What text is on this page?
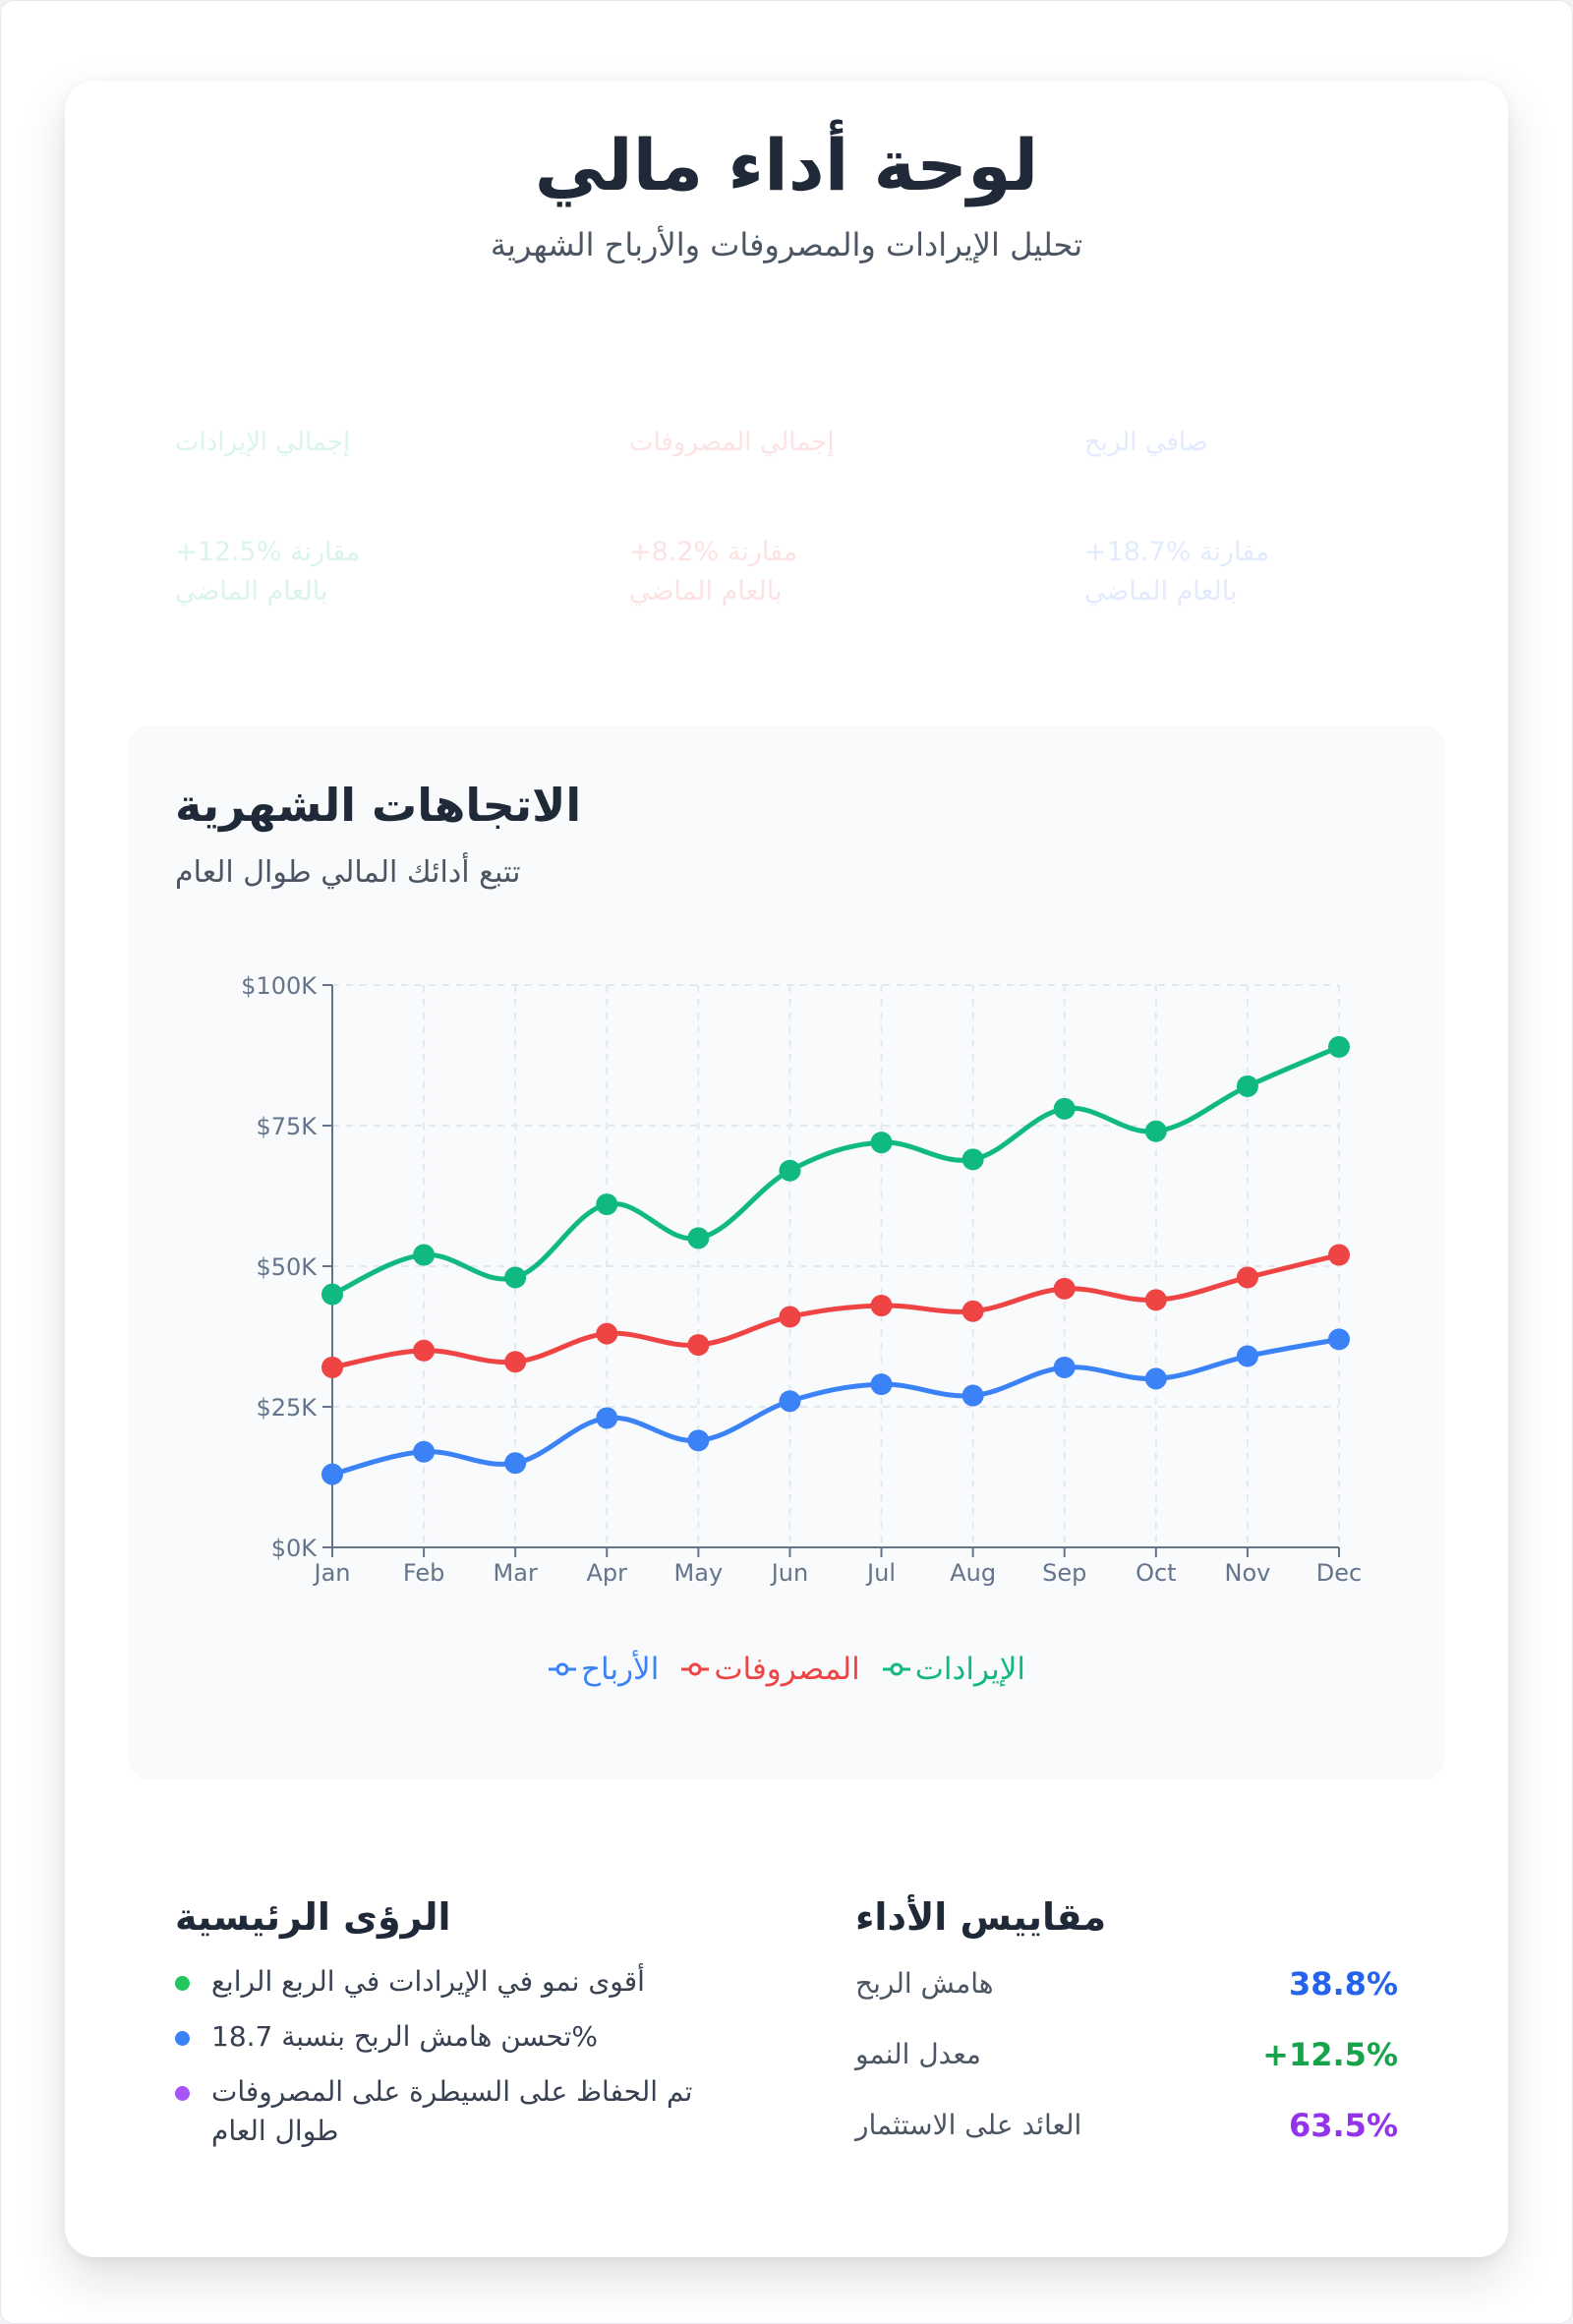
لوحة أداء مالي
تحليل الإيرادات والمصروفات والأرباح الشهرية
إجمالي الإيرادات
+12.5% مقارنة بالعام الماضي
إجمالي المصروفات
+8.2% مقارنة بالعام الماضي
صافي الربح
+18.7% مقارنة بالعام الماضي
الاتجاهات الشهرية
تتبع أدائك المالي طوال العام
$0K
$25K
$50K
$75K
$100K
Jan Feb Mar Apr May Jun Jul Aug Sep Oct Nov Dec
الأرباح المصروفات الإيرادات
الرؤى الرئيسية
أقوى نمو في الإيرادات في الربع الرابع
تحسن هامش الربح بنسبة 18.7%
تم الحفاظ على السيطرة على المصروفات طوال العام
مقاييس الأداء
هامش الربح	38.8%
معدل النمو	+12.5%
العائد على الاستثمار	63.5%
